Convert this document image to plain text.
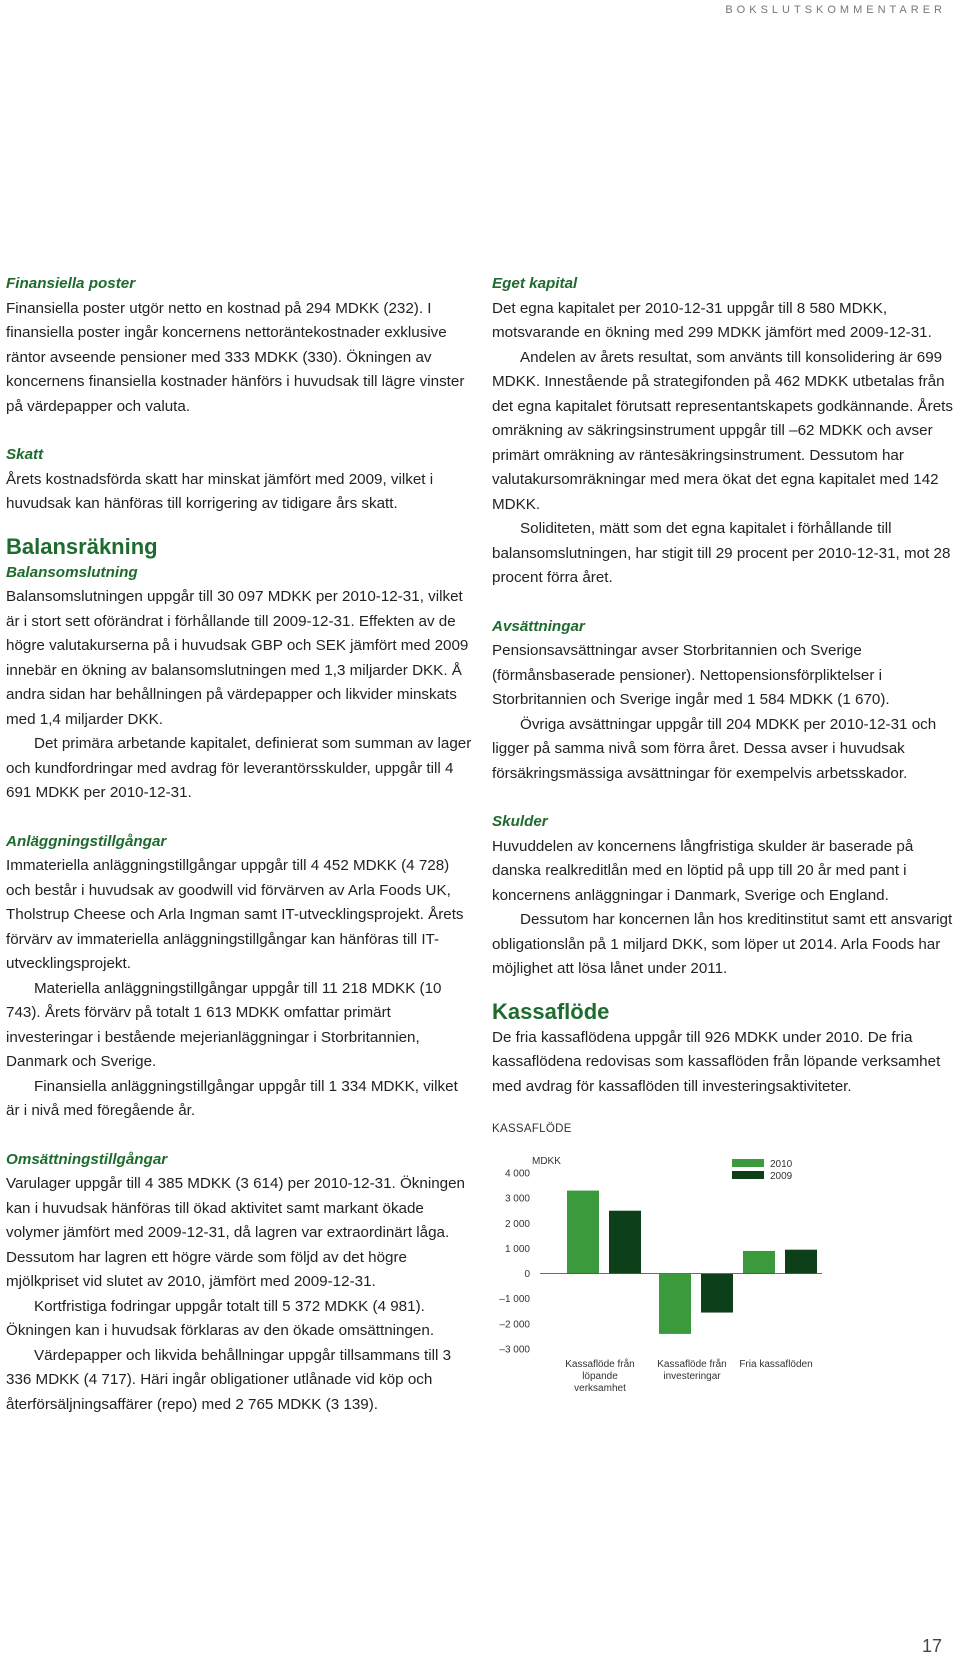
BOKSLUTSKOMMENTARER

Finansiella poster

Finansiella poster utgör netto en kostnad på 294 MDKK (232). I finansiella poster ingår koncernens nettoräntekostnader exklusive räntor avseende pensioner med 333 MDKK (330). Ökningen av koncernens finansiella kostnader hänförs i huvudsak till lägre vinster på värdepapper och valuta.

Skatt

Årets kostnadsförda skatt har minskat jämfört med 2009, vilket i huvudsak kan hänföras till korrigering av tidigare års skatt.

Balansräkning

Balansomslutning

Balansomslutningen uppgår till 30 097 MDKK per 2010-12-31, vilket är i stort sett oförändrat i förhållande till 2009-12-31. Effekten av de högre valutakurserna på i huvudsak GBP och SEK jämfört med 2009 innebär en ökning av balansomslutningen med 1,3 miljarder DKK. Å andra sidan har behållningen på värdepapper och likvider minskats med 1,4 miljarder DKK.

Det primära arbetande kapitalet, definierat som summan av lager och kundfordringar med avdrag för leverantörsskulder, uppgår till 4 691 MDKK per 2010-12-31.

Anläggningstillgångar

Immateriella anläggningstillgångar uppgår till 4 452 MDKK (4 728) och består i huvudsak av goodwill vid förvärven av Arla Foods UK, Tholstrup Cheese och Arla Ingman samt IT-utvecklingsprojekt. Årets förvärv av immateriella anläggningstillgångar kan hänföras till IT-utvecklingsprojekt.

Materiella anläggningstillgångar uppgår till 11 218 MDKK (10 743). Årets förvärv på totalt 1 613 MDKK omfattar primärt investeringar i bestående mejerianläggningar i Storbritannien, Danmark och Sverige.

Finansiella anläggningstillgångar uppgår till 1 334 MDKK, vilket är i nivå med föregående år.

Omsättningstillgångar

Varulager uppgår till 4 385 MDKK (3 614) per 2010-12-31. Ökningen kan i huvudsak hänföras till ökad aktivitet samt markant ökade volymer jämfört med 2009-12-31, då lagren var extraordinärt låga. Dessutom har lagren ett högre värde som följd av det högre mjölkpriset vid slutet av 2010, jämfört med 2009-12-31.

Kortfristiga fodringar uppgår totalt till 5 372 MDKK (4 981). Ökningen kan i huvudsak förklaras av den ökade omsättningen.

Värdepapper och likvida behållningar uppgår tillsammans till 3 336 MDKK (4 717). Häri ingår obligationer utlånade vid köp och återförsäljningsaffärer (repo) med 2 765 MDKK (3 139).

Eget kapital

Det egna kapitalet per 2010-12-31 uppgår till 8 580 MDKK, motsvarande en ökning med 299 MDKK jämfört med 2009-12-31.

Andelen av årets resultat, som använts till konsolidering är 699 MDKK. Innestående på strategifonden på 462 MDKK utbetalas från det egna kapitalet förutsatt representantskapets godkännande. Årets omräkning av säkringsinstrument uppgår till –62 MDKK och avser primärt omräkning av räntesäkringsinstrument. Dessutom har valutakursomräkningar med mera ökat det egna kapitalet med 142 MDKK.

Soliditeten, mätt som det egna kapitalet i förhållande till balansomslutningen, har stigit till 29 procent per 2010-12-31, mot 28 procent förra året.

Avsättningar

Pensionsavsättningar avser Storbritannien och Sverige (förmånsbaserade pensioner). Nettopensionsförpliktelser i Storbritannien och Sverige ingår med 1 584 MDKK (1 670).

Övriga avsättningar uppgår till 204 MDKK per 2010-12-31 och ligger på samma nivå som förra året. Dessa avser i huvudsak försäkringsmässiga avsättningar för exempelvis arbetsskador.

Skulder

Huvuddelen av koncernens långfristiga skulder är baserade på danska realkreditlån med en löptid på upp till 20 år med pant i koncernens anläggningar i Danmark, Sverige och England.

Dessutom har koncernen lån hos kreditinstitut samt ett ansvarigt obligationslån på 1 miljard DKK, som löper ut 2014. Arla Foods har möjlighet att lösa lånet under 2011.

Kassaflöde

De fria kassaflödena uppgår till 926 MDKK under 2010. De fria kassaflödena redovisas som kassaflöden från löpande verksamhet med avdrag för kassaflöden till investeringsaktiviteter.

KASSAFLÖDE

MDKK
4 000
3 000
2 000
1 000
0
–1 000
–2 000
–3 000
Kassaflöde från
löpande
verksamhet
Kassaflöde från
investeringar
Fria kassaflöden
2010
2009
17
